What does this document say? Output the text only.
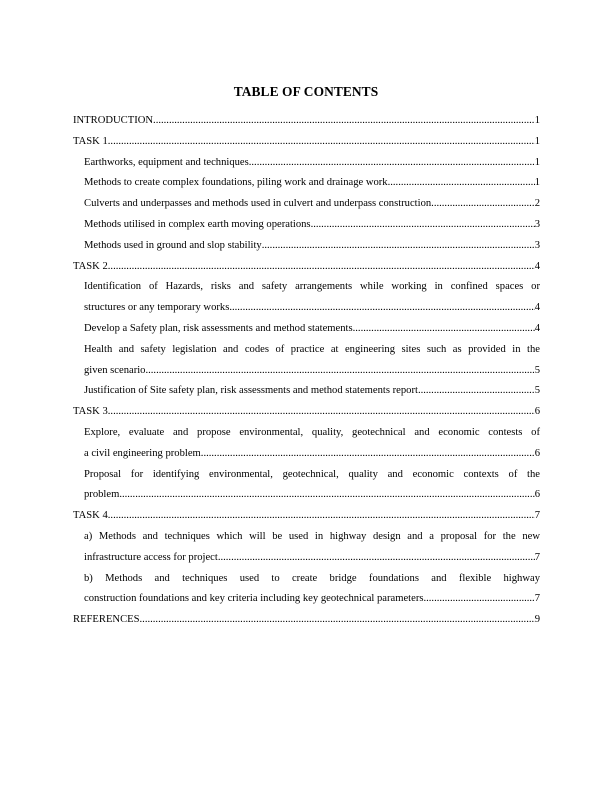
TABLE OF CONTENTS
INTRODUCTION .....	1
TASK 1 .....	1
Earthworks, equipment and techniques .....	1
Methods to create complex foundations, piling work and drainage work .....	1
Culverts and underpasses and methods used in culvert and underpass construction .....	2
Methods utilised in complex earth moving operations .....	3
Methods used in ground and slop stability .....	3
TASK 2 .....	4
Identification of Hazards, risks and safety arrangements while working in confined spaces or
structures or any temporary works .....	4
Develop a Safety plan, risk assessments and method statements .....	4
Health and safety legislation and codes of practice at engineering sites such as provided in the
given scenario .....	5
Justification of Site safety plan, risk assessments and method statements report .....	5
TASK 3 .....	6
Explore, evaluate and propose environmental, quality, geotechnical and economic contests of
a civil engineering problem .....	6
Proposal for identifying environmental, geotechnical, quality and economic contexts of the
problem .....	6
TASK 4 .....	7
a) Methods and techniques which will be used in highway design and a proposal for the new
infrastructure access for project .....	7
b) Methods and techniques used to create bridge foundations and flexible highway
construction foundations and key criteria including key geotechnical parameters .....	7
REFERENCES .....	9
